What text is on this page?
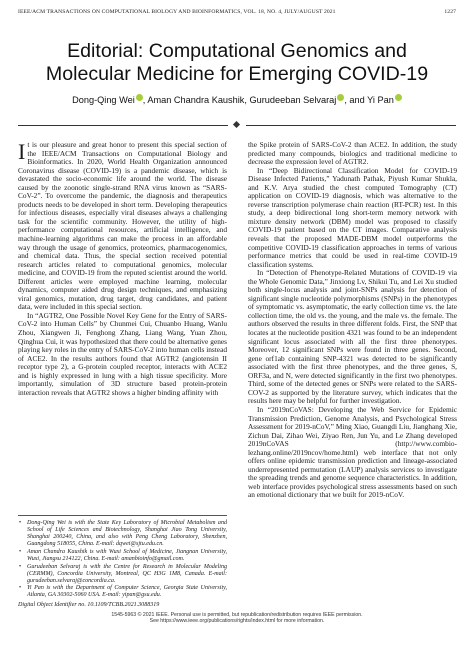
IEEE/ACM TRANSACTIONS ON COMPUTATIONAL BIOLOGY AND BIOINFORMATICS, VOL. 18, NO. 4, JULY/AUGUST 2021	1227
Editorial: Computational Genomics and
Molecular Medicine for Emerging COVID-19
Dong-Qing Wei , Aman Chandra Kaushik, Gurudeeban Selvaraj , and Yi Pan

It is our pleasure and great honor to present this special section of the IEEE/ACM Transactions on Computational Biology and Bioinformatics. In 2020, World Health Organization announced Coronavirus disease (COVID-19) is a pandemic disease, which is devastated the socio-economic life around the world. The disease caused by the zoonotic single-strand RNA virus known as “SARS-CoV-2”. To overcome the pandemic, the diagnosis and therapeutics products needs to be developed in short term. Developing therapeutics for infectious diseases, especially viral diseases always a challenging task for the scientific community. However, the utility of high-performance computational resources, artificial intelligence, and machine-learning algorithms can make the process in an affordable way through the usage of genomics, proteomics, pharmacogenomics, and chemical data. Thus, the special section received potential research articles related to computational genomics, molecular medicine, and COVID-19 from the reputed scientist around the world. Different articles were employed machine learning, molecular dynamics, computer aided drug design techniques, and emphasizing viral genomics, mutation, drug target, drug candidates, and patient data, were included in this special section.

In “AGTR2, One Possible Novel Key Gene for the Entry of SARS-CoV-2 into Human Cells” by Chunmei Cui, Chuanbo Huang, Wanlu Zhou, Xiangwen Ji, Fenghong Zhang, Liang Wang, Yuan Zhou, Qinghua Cui, it was hypothesized that there could be alternative genes playing key roles in the entry of SARS-CoV-2 into human cells instead of ACE2. In the results authors found that AGTR2 (angiotensin II receptor type 2), a G-protein coupled receptor, interacts with ACE2 and is highly expressed in lung with a high tissue specificity. More importantly, simulation of 3D structure based protein-protein interaction reveals that AGTR2 shows a higher binding affinity with

the Spike protein of SARS-CoV-2 than ACE2. In addition, the study predicted many compounds, biologics and traditional medicine to decrease the expression level of AGTR2.

In “Deep Bidirectional Classification Model for COVID-19 Disease Infected Patients,” Yadunath Pathak, Piyush Kumar Shukla, and K.V. Arya studied the chest computed Tomography (CT) application on COVID-19 diagnosis, which was alternative to the reverse transcription polymerase chain reaction (RT-PCR) test. In this study, a deep bidirectional long short-term memory network with mixture density network (DBM) model was proposed to classify COVID-19 patient based on the CT images. Comparative analysis reveals that the proposed MADE-DBM model outperforms the competitive COVID-19 classification approaches in terms of various performance metrics that could be used in real-time COVID-19 classification systems.

In “Detection of Phenotype-Related Mutations of COVID-19 via the Whole Genomic Data,” Jinxiong Lv, Shikui Tu, and Lei Xu studied both single-locus analysis and joint-SNPs analysis for detection of significant single nucleotide polymorphisms (SNPs) in the phenotypes of symptomatic vs. asymptomatic, the early collection time vs. the late collection time, the old vs. the young, and the male vs. the female. The authors observed the results in three different folds. First, the SNP that locates at the nucleotide position 4321 was found to be an independent significant locus associated with all the first three phenotypes. Moreover, 12 significant SNPs were found in three genes. Second, gene orf1ab containing SNP-4321 was detected to be significantly associated with the first three phenotypes, and the three genes, S, ORF3a, and N, were detected significantly in the first two phenotypes. Third, some of the detected genes or SNPs were related to the SARS-COV-2 as supported by the literature survey, which indicates that the results here may be helpful for further investigation.

In “2019nCoVAS: Developing the Web Service for Epidemic Transmission Prediction, Genome Analysis, and Psychological Stress Assessment for 2019-nCoV,” Ming Xiao, Guangdi Liu, Jianghang Xie, Zichun Dai, Zihao Wei, Ziyao Ren, Jun Yu, and Le Zhang developed 2019nCoVAS (http://www.combio-lezhang.online/2019ncov/home.html) web interface that not only offers online epidemic transmission prediction and lineage-associated underrepresented permutation (LAUP) analysis services to investigate the spreading trends and genome sequence characteristics. In addition, web interface provides psychological stress assessments based on such an emotional dictionary that we built for 2019-nCoV.

• Dong-Qing Wei is with the State Key Laboratory of Microbial Metabolism and School of Life Sciences and Biotechnology, Shanghai Jiao Tong University, Shanghai 200240, China, and also with Peng Cheng Laboratory, Shenzhen, Guangdong 518055, China. E-mail: dqwei@sjtu.edu.cn.
• Aman Chandra Kaushik is with Wuxi School of Medicine, Jiangnan University, Wuxi, Jiangsu 214122, China. E-mail: amanbioinfo@gmail.com.
• Gurudeeban Selvaraj is with the Centre for Research in Molecular Modeling (CERMM), Concordia University, Montreal, QC H3G 1M8, Canada. E-mail: gurudeeban.selvaraj@concordia.ca.
• Yi Pan is with the Department of Computer Science, Georgia State University, Atlanta, GA 30302-5060 USA. E-mail: yipan@gsu.edu.
Digital Object Identifier no. 10.1109/TCBB.2021.3088319
1545-5963 © 2021 IEEE. Personal use is permitted, but republication/redistribution requires IEEE permission.
See https://www.ieee.org/publications/rights/index.html for more information.
